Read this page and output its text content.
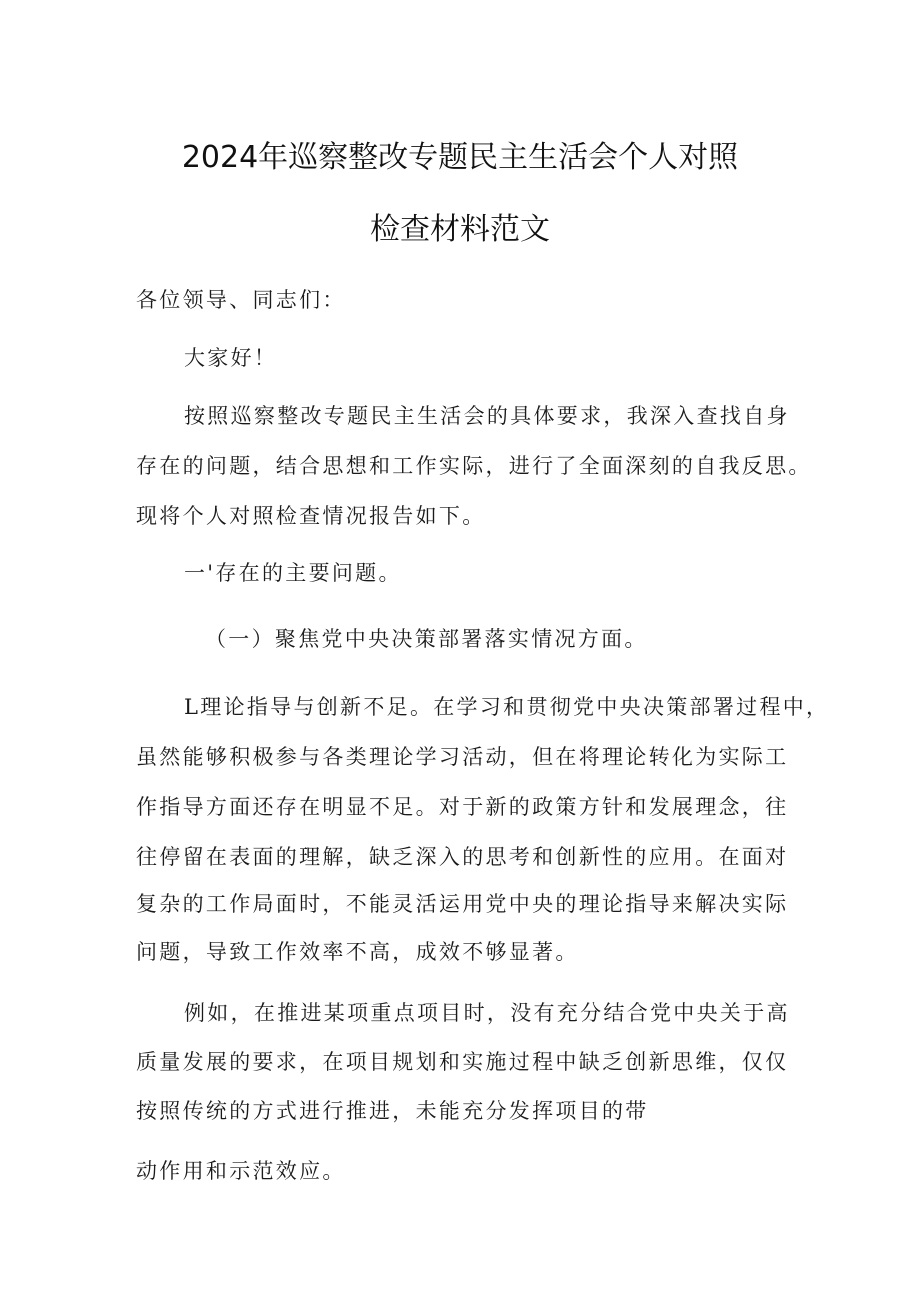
2024年巡察整改专题民主生活会个人对照
检查材料范文
各位领导、同志们：
大家好！
按照巡察整改专题民主生活会的具体要求，我深入查找自身
存在的问题，结合思想和工作实际，进行了全面深刻的自我反思。
现将个人对照检查情况报告如下。
一'存在的主要问题。
（一）聚焦党中央决策部署落实情况方面。
L理论指导与创新不足。在学习和贯彻党中央决策部署过程中，
虽然能够积极参与各类理论学习活动，但在将理论转化为实际工
作指导方面还存在明显不足。对于新的政策方针和发展理念，往
往停留在表面的理解，缺乏深入的思考和创新性的应用。在面对
复杂的工作局面时，不能灵活运用党中央的理论指导来解决实际
问题，导致工作效率不高，成效不够显著。
例如，在推进某项重点项目时，没有充分结合党中央关于高
质量发展的要求，在项目规划和实施过程中缺乏创新思维，仅仅
按照传统的方式进行推进，未能充分发挥项目的带
动作用和示范效应。
